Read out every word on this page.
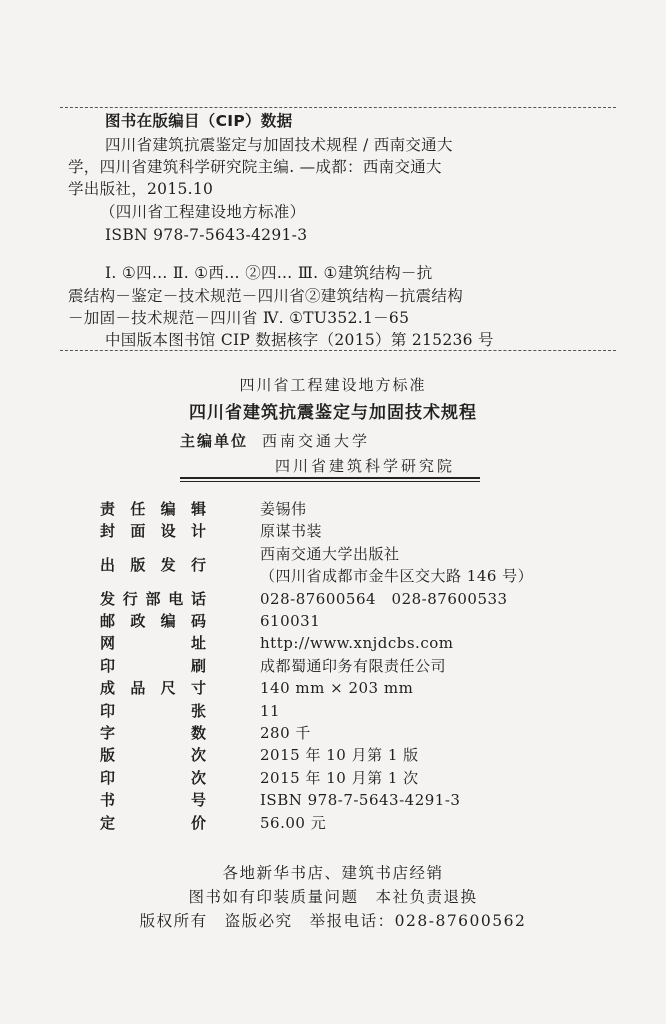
图书在版编目（CIP）数据
四川省建筑抗震鉴定与加固技术规程 / 西南交通大
学，四川省建筑科学研究院主编. —成都：西南交通大
学出版社，2015.10
（四川省工程建设地方标准）
ISBN 978-7-5643-4291-3
Ⅰ. ①四… Ⅱ. ①西… ②四… Ⅲ. ①建筑结构－抗
震结构－鉴定－技术规范－四川省②建筑结构－抗震结构
－加固－技术规范－四川省 Ⅳ. ①TU352.1－65
中国版本图书馆 CIP 数据核字（2015）第 215236 号
四川省工程建设地方标准
四川省建筑抗震鉴定与加固技术规程
主编单位 西南交通大学
四川省建筑科学研究院
责 任 编 辑	姜锡伟
封 面 设 计	原谋书装
出 版 发 行
西南交通大学出版社
（四川省成都市金牛区交大路 146 号）
发 行 部 电 话	028-87600564　028-87600533
邮 政 编 码	610031
网	址	http://www.xnjdcbs.com
印	刷	成都蜀通印务有限责任公司
成 品 尺 寸	140 mm × 203 mm
印	张	11
字	数	280 千
版	次	2015 年 10 月第 1 版
印	次	2015 年 10 月第 1 次
书	号	ISBN 978-7-5643-4291-3
定	价	56.00 元
各地新华书店、建筑书店经销
图书如有印装质量问题　本社负责退换
版权所有　盗版必究　举报电话：028-87600562
